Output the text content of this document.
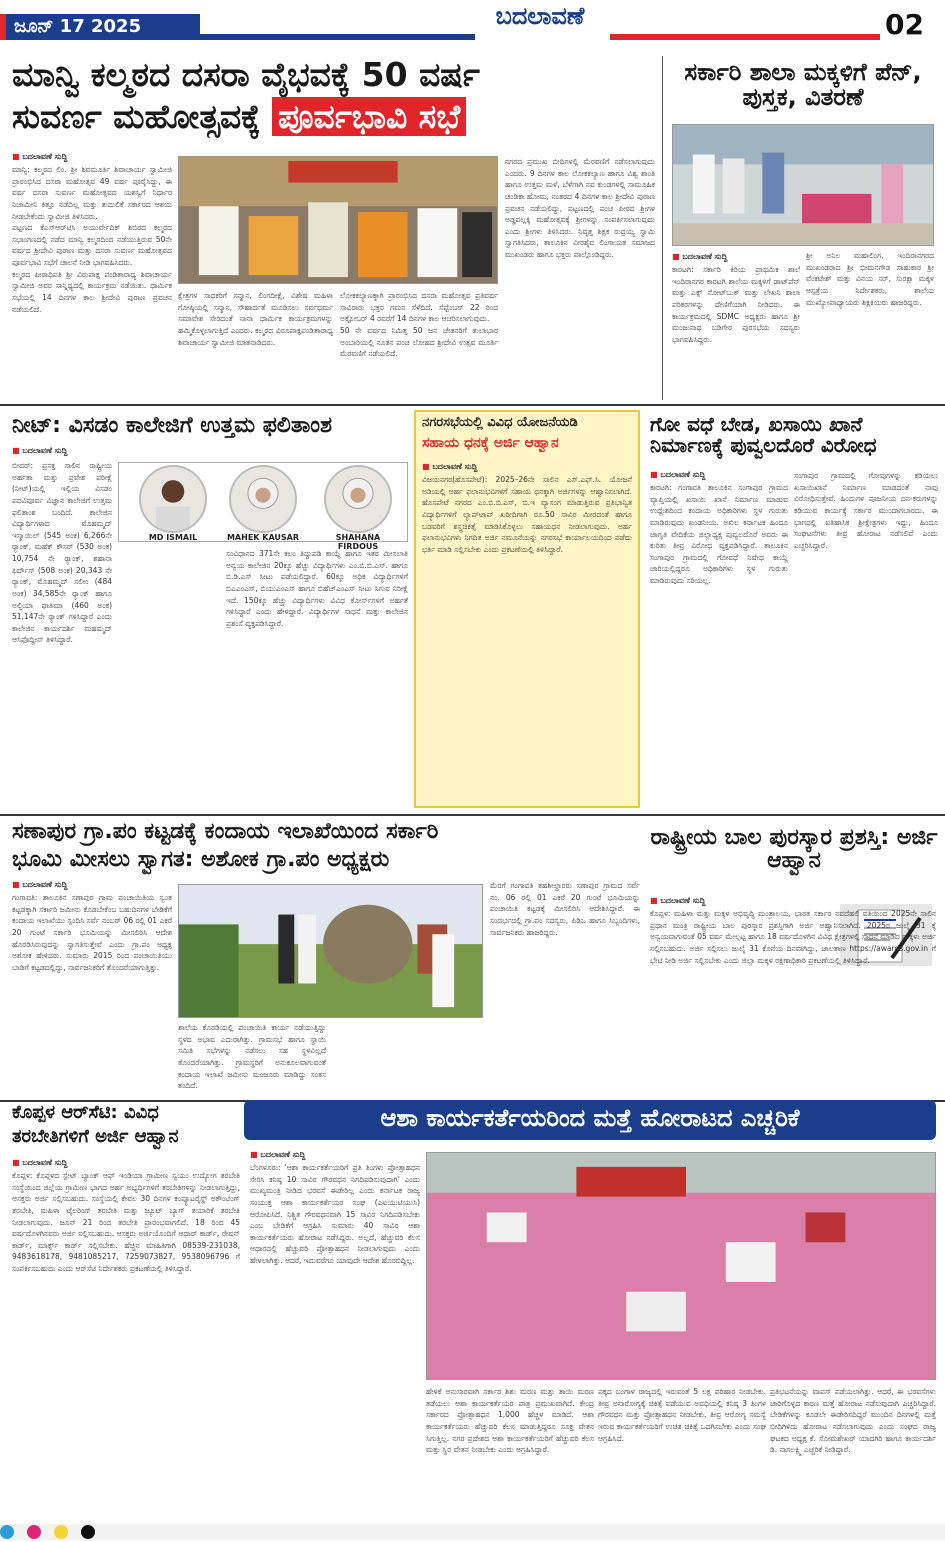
ಜೂನ್ 17 2025	ಬದಲಾವಣೆ	02
ಮಾನ್ವಿ ಕಲ್ಮಠದ ದಸರಾ ವೈಭವಕ್ಕೆ 50 ವರ್ಷ
ಸುವರ್ಣ ಮಹೋತ್ಸವಕ್ಕೆ ಪೂರ್ವಭಾವಿ ಸಭೆ
■ ಬದಲಾವಣೆ ಸುದ್ದಿ

ಮಾನ್ವಿ: ಕಲ್ಮಠದ ಲಿಂ. ಶ್ರೀ ಶಿವಮೂರ್ತಿ ಶಿವಾಚಾರ್ಯ ಸ್ವಾಮೀಜಿ ಪ್ರಾರಂಭಿಸಿದ ದಸರಾ ಮಹೋತ್ಸವ 49 ವರ್ಷ ಪೂರೈಸಿದ್ದು, ಈ ವರ್ಷ ದಸರಾ ಸುವರ್ಣ ಮಹೋತ್ಸವದ ಯಶಸ್ವಿಗೆ ನಿರ್ಧಾರ ನಿಜಾಮೀನಿ ಕಿತ್ತೂ ನಡೆದಿಲ್ಲ ಮತ್ತು ತುದುಲಿಕೆ ಸರ್ಕಾರದ ಆಶಯ ನೀಡಬೇಕೆಂದು ಸ್ವಾಮೀಜಿ ತಿಳಿಸಿದರು.

ಪಟ್ಟಣದ ಕೆಎಸ್‌ಆರ್‌ಟಿಸಿ ಅಯುರ್ವೇದಿಕ್ ಶಿಬಿರದ ಕಲ್ಮಠದ ಸಭಾಂಗಣದಲ್ಲಿ ನಡೆದ ಮಾನ್ವಿ ಕಲ್ಮಠದಿಂದ ನಡೆಯುತ್ತಿರುವ 50ನೇ ವರ್ಷದ ಶ್ರೀದೇವಿ ಪುರಾಣ ಮತ್ತು ದಸರಾ ಸುವರ್ಣ ಮಹೋತ್ಸವದ ಪೂರ್ವಭಾವಿ ಸಭೆಗೆ ಚಾಲನೆ ನೀಡಿ ಭಾಗವಹಿಸಿದರು.

ಕಲ್ಮಠದ ಪೀಠಾಧಿಪತಿ ಶ್ರೀ ವಿರುಪಾಕ್ಷ ಪಂಡಿತಾರಾಧ್ಯ ಶಿವಾಚಾರ್ಯ ಸ್ವಾಮೀಜಿ ಅವರ ಸಾನ್ನಿಧ್ಯದಲ್ಲಿ ಕಾರ್ಯಕ್ರಮ ನಡೆಯಿತು. ಧಾರ್ಮಿಕ ಸಭೆಯಲ್ಲಿ 14 ದಿನಗಳ ಕಾಲ ಶ್ರೀದೇವಿ ಪುರಾಣ ಪ್ರವಚನ ನಡೆಯಲಿದೆ.

ಕ್ಷೇತ್ರಗಳ ಸಾಧಕರಿಗೆ ಸನ್ಮಾನ, ಲಿಂಗದೀಕ್ಷೆ, ವಿಶೇಷ ಮಹಿಳಾ ಗೋಷ್ಠಿಯಲ್ಲಿ ಸನ್ಮಾನ, ಸೌಹಾರ್ದತೆ ಮೂಡಿಸಲು ಸರ್ವಧರ್ಮ ಸಮಾವೇಶ ಸೇರಿದಂತೆ ನಾನಾ ಧಾರ್ಮಿಕ ಕಾರ್ಯಕ್ರಮಗಳನ್ನು ಹಮ್ಮಿಕೊಳ್ಳಲಾಗುತ್ತಿದೆ ಎಂದರು. ಕಲ್ಮಠದ ವಿರೂಪಾಕ್ಷಪಂಡಿತಾರಾಧ್ಯ ಶಿವಾಚಾರ್ಯ ಸ್ವಾಮೀಜಿ ಮಾತನಾಡಿದರು.

ಲೋಕಕಲ್ಯಾಣಕ್ಕಾಗಿ ಪ್ರಾರಂಭಿಸಿದ ದಸರಾ ಮಹೋತ್ಸವ ಪ್ರತಿವರ್ಷ ಸಾವಿರಾರು ಭಕ್ತರ ಗಮನ ಸೆಳೆದಿದೆ. ಸೆಪ್ಟೆಂಬರ್ 22 ರಿಂದ ಅಕ್ಟೋಬರ್ 4 ರವರೆಗೆ 14 ದಿನಗಳ ಕಾಲ ಆಚರಿಸಲಾಗುವುದು.

50 ನೇ ವರ್ಷದ ನಿಮಿತ್ತ 50 ಜನ ಚೇತನರಿಗೆ ತುಲಾಭಾರ ಅಂಬಾರಿಯಲ್ಲಿ ನೂತನ ಪಂಚ ಲೋಹದ ಶ್ರೀದೇವಿ ಉತ್ಸವ ಮೂರ್ತಿ ಮೆರವಣಿಗೆ ನಡೆಯಲಿದೆ.

ನಗರದ ಪ್ರಮುಖ ಬೀದಿಗಳಲ್ಲಿ ಮೆರವಣಿಗೆ ನಡೆಸಲಾಗುವುದು ಎಂದರು. 9 ದಿನಗಳ ಕಾಲ ಲೋಕಕಲ್ಯಾಣ ಹಾಗೂ ವಿಶ್ವ ಶಾಂತಿ ಹಾಗೂ ಉತ್ತಮ ಮಳೆ, ಬೆಳೆಗಾಗಿ ನವ ಕುಂಡಗಳಲ್ಲಿ ಸಾಮೂಹಿಕ ಚಂಡಿಕಾ ಹೋಮ, ನಂತರದ 4 ದಿನಗಳ ಕಾಲ ಶ್ರೀದೇವಿ ಪುರಾಣ ಪ್ರವಚನ ನಡೆಯಲಿದ್ದು, ಪಟ್ಟಣದಲ್ಲಿ ಪಂಚ ಪೀಠದ ಶ್ರೀಗಳ ಅಡ್ಡಪಲ್ಲಕ್ಕಿ ಮಹೋತ್ಸವಕ್ಕೆ ಶ್ರೀಗಳನ್ನು ಸಂಪರ್ಕಿಸಲಾಗುವುದು ಎಂದು ಶ್ರೀಗಳು ತಿಳಿಸಿದರು. ನಿವೃತ್ತ ಶಿಕ್ಷಕ ರುದ್ರಯ್ಯ ಸ್ವಾಮಿ ಸ್ವಾಗತಿಸಿದರು, ತಾಲೂಕಿನ ವೀರಶೈವ ಲಿಂಗಾಯತ ಸಮಾಜದ ಮುಖಂಡರು ಹಾಗೂ ಭಕ್ತರು ಪಾಲ್ಗೊಂಡಿದ್ದರು.
ಸರ್ಕಾರಿ ಶಾಲಾ ಮಕ್ಕಳಿಗೆ ಪೆನ್, ಪುಸ್ತಕ, ವಿತರಣೆ
■ ಬದಲಾವಣೆ ಸುದ್ದಿ
ಕಾರಟಗಿ: ಸರ್ಕಾರಿ ಕಿರಿಯ ಪ್ರಾಥಮಿಕ ಶಾಲೆ ಇಂದಿರಾನಗರ ಕಾರಟಗಿ ಶಾಲೆಯ ಮಕ್ಕಳಿಗೆ ಡಾಟ್‌ಪೆನ್ ಮತ್ತು ಎಕ್ಸ್ ನೋಟ್‌ಬುಕ್ ಮತ್ತು ಲೇಖನಿ ಶಾಲಾ ಪರಿಕರಗಳನ್ನು ದೇಣಿಗೆಯಾಗಿ ನೀಡಿದರು. ಈ ಕಾರ್ಯಕ್ರಮದಲ್ಲಿ SDMC ಅಧ್ಯಕ್ಷರು ಹಾಗೂ ಶ್ರೀ ಮಂಜುನಾಥ ಬಡಿಗೇರ ಪುರಸಭೆಯ ಸದಸ್ಯರು ಭಾಗವಹಿಸಿದ್ದರು.
ಶ್ರೀ ಅನಿಲ ಮಹಾಲಿಂಗ, ಇಂದಿರಾನಗರದ ಮುಖಂಡರಾದ ಶ್ರೀ ಭೀಮನಗೌಡ ಸಾಹುಕಾರ ಶ್ರೀ ವೆಂಕಟೇಶ್ ಮತ್ತು ವಿನಯ ಸರ್, ಸುರಕ್ಷಾ ಮಕ್ಕಳ ಆಸ್ಪತ್ರೆಯ ನಿರ್ದೇಶಕರು, ಶಾಲೆಯ ಮುಖ್ಯೋಪಾಧ್ಯಾಯರು ಶಿಕ್ಷಕಿಯರು ಹಾಜರಿದ್ದರು.
ನೀಟ್: ವಿಸಡಂ ಕಾಲೇಜಿಗೆ ಉತ್ತಮ ಫಲಿತಾಂಶ
■ ಬದಲಾವಣೆ ಸುದ್ದಿ
MD ISMAIL	MAHEK KAUSAR	SHAHANA FIRDOUS
ಬೀದರ್: ಪ್ರಸಕ್ತ ಸಾಲಿನ ರಾಷ್ಟ್ರೀಯ ಅರ್ಹತಾ ಮತ್ತು ಪ್ರವೇಶ ಪರೀಕ್ಷೆ (ನೀಟ್)ಯಲ್ಲಿ ಇಲ್ಲಿಯ ವಿಸಡಂ ಪದವಿಪೂರ್ವ ವಿಜ್ಞಾನ ಕಾಲೇಜಿಗೆ ಉತ್ತಮ ಫಲಿತಾಂಶ ಬಂದಿದೆ. ಕಾಲೇಜಿನ ವಿದ್ಯಾರ್ಥಿಗಳಾದ ಮೊಹಮ್ಮದ್ ಇಸ್ಮಾಯಿಲ್ (545 ಅಂಕ) 6,266ನೇ ರ್‍ಯಾಂಕ್, ಮಹೆಕ್ ಕೌಸರ್ (530 ಅಂಕ) 10,754 ನೇ ರ್‍ಯಾಂಕ್, ಶಹಾನಾ ಫಿರ್ದೌಸ್ (508 ಅಂಕ) 20,343 ನೇ ರ್‍ಯಾಂಕ್, ಮೊಹಮ್ಮದ್ ಸಲೀಂ (484 ಅಂಕ) 34,585ನೇ ರ್‍ಯಾಂಕ್ ಹಾಗೂ ಅಲ್ಫಿಯಾ ಫಾತಿಮಾ (460 ಅಂಕ) 51,147ನೇ ರ್‍ಯಾಂಕ್ ಗಳಿಸಿದ್ದಾರೆ ಎಂದು ಕಾಲೇಜಿನ ಕಾರ್ಯದರ್ಶಿ ಮಹಮ್ಮದ್ ಆಸಿಫೊದ್ದೀನ್ ತಿಳಿಸಿದ್ದಾರೆ.
ಸಂವಿಧಾನದ 371ನೇ ಕಲಂ ತಿದ್ದುಪಡಿ ಕಾಯ್ದೆ ಹಾಗೂ ಇತರ ಮೀಸಲಾತಿ ಅನ್ವಯ ಕಾಲೇಜಿನ 20ಕ್ಕೂ ಹೆಚ್ಚು ವಿದ್ಯಾರ್ಥಿಗಳು ಎಂ.ಬಿ.ಬಿ.ಎಸ್. ಹಾಗೂ ಬಿ.ಡಿ.ಎಸ್ ಸೀಟು ಪಡೆಯಲಿದ್ದಾರೆ. 60ಕ್ಕೂ ಅಧಿಕ ವಿದ್ಯಾರ್ಥಿಗಳಿಗೆ ಬಿಎಎಂಎಸ್, ಬಿಯುಎಂಎಸ್ ಹಾಗೂ ಬಿಹೆಚ್‌ಎಂಎಸ್ ಸೀಟು ಸಿಗುವ ನಿರೀಕ್ಷೆ ಇದೆ. 150ಕ್ಕೂ ಹೆಚ್ಚು ವಿದ್ಯಾರ್ಥಿಗಳು ವಿವಿಧ ಕೋರ್ಸ್‌ಗಳಿಗೆ ಅರ್ಹತೆ ಗಳಿಸಿದ್ದಾರೆ ಎಂದು ಹೇಳಿದ್ದಾರೆ. ವಿದ್ಯಾರ್ಥಿಗಳ ಸಾಧನೆ ಮತ್ತು ಕಾಲೇಜಿನ ಪ್ರಶಂಸೆ ವ್ಯಕ್ತಪಡಿಸಿದ್ದಾರೆ.
ನಗರಸಭೆಯಲ್ಲಿ ವಿವಿಧ ಯೋಜನೆಯಡಿ
ಸಹಾಯ ಧನಕ್ಕೆ ಅರ್ಜಿ ಆಹ್ವಾನ
■ ಬದಲಾವಣೆ ಸುದ್ದಿ
ವಿಜಯನಗರ(ಹೊಸಪೇಟೆ): 2025–26ನೇ ಸಾಲಿನ ಎಸ್.ಎಫ್.ಸಿ. ಯೋಜನೆ ಅಡಿಯಲ್ಲಿ ಅರ್ಹ ಫಲಾನುಭವಿಗಳಿಗೆ ಸಹಾಯ ಧನಕ್ಕಾಗಿ ಅರ್ಜಿಗಳನ್ನು ಆಹ್ವಾನಿಸಲಾಗಿದೆ. ಹೊಸಪೇಟೆ ನಗರದ ಎಂ.ಬಿ.ಬಿ.ಎಸ್, ಬಿ.ಇ ವ್ಯಾಸಂಗ ಮಾಡುತ್ತಿರುವ ಪ್ರತಿಭಾನ್ವಿತ ವಿದ್ಯಾರ್ಥಿಗಳಿಗೆ ಲ್ಯಾಪ್‌ಟಾಪ್ ಖರೀದಿಗಾಗಿ ರೂ.50 ಸಾವಿರ ಮೀರದಂತೆ ಹಾಗೂ ಬಡವರಿಗೆ ಶಸ್ತ್ರಚಿಕಿತ್ಸೆ ಮಾಡಿಸಿಕೊಳ್ಳಲು ಸಹಾಯಧನ ನೀಡಲಾಗುವುದು. ಅರ್ಹ ಫಲಾನುಭವಿಗಳು ನಿಗದಿತ ಅರ್ಜಿ ನಮೂನೆಯನ್ನು ನಗರಸಭೆ ಕಾರ್ಯಾಲಯದಿಂದ ಪಡೆದು ಭರ್ತಿ ಮಾಡಿ ಸಲ್ಲಿಸಬೇಕು ಎಂದು ಪ್ರಕಟಣೆಯಲ್ಲಿ ತಿಳಿಸಿದ್ದಾರೆ.
ಗೋ ವಧೆ ಬೇಡ, ಖಸಾಯಿ ಖಾನೆ ನಿರ್ಮಾಣಕ್ಕೆ ಪುವ್ವಲದೊರೆ ವಿರೋಧ
■ ಬದಲಾವಣೆ ಸುದ್ದಿ
ಕಾರಟಗಿ: ಗಂಗಾವತಿ ತಾಲೂಕಿನ ಸಂಗಾಪುರ ಗ್ರಾಮದ ವ್ಯಾಪ್ತಿಯಲ್ಲಿ ಖಸಾಯಿ ಖಾನೆ ನಿರ್ಮಾಣ ಮಾಡುವ ಉದ್ದೇಶದಿಂದ ಕಂದಾಯ ಅಧಿಕಾರಿಗಳು ಸ್ಥಳ ಗುರುತು ಮಾಡಿರುವುದು ಖಂಡನೀಯ. ಅಖಿಲ ಕರ್ನಾಟಕ ಹಿಂದೂ ಜಾಗೃತಿ ವೇದಿಕೆಯ ಜಿಲ್ಲಾಧ್ಯಕ್ಷ ಪುವ್ವಲದೊರೆ ಅವರು ಈ ಕುರಿತು ತೀವ್ರ ವಿರೋಧ ವ್ಯಕ್ತಪಡಿಸಿದ್ದಾರೆ. ತಾಲೂಕಿನ ಸಂಗಾಪುರ ಗ್ರಾಮದಲ್ಲಿ ಗೋವಧೆ ನಿಷೇಧ ಕಾಯ್ದೆ ಜಾರಿಯಲ್ಲಿದ್ದರೂ ಅಧಿಕಾರಿಗಳು ಸ್ಥಳ ಗುರುತು ಮಾಡಿರುವುದು ಸರಿಯಲ್ಲ.
ಸಂಗಾಪುರ ಗ್ರಾಮದಲ್ಲಿ ಗೋವುಗಳನ್ನು ಕಡಿಯಲು ಖಸಾಯಿಖಾನೆ ನಿರ್ಮಾಣ ಮಾಡದಂತೆ ನಾವು ವಿರೋಧಿಸುತ್ತೇವೆ. ಹಿಂದುಗಳ ಪೂಜನೀಯ ದನ-ಕರುಗಳನ್ನು ಕಡಿಯುವ ಕಾರ್ಯಕ್ಕೆ ಸರ್ಕಾರ ಮುಂದಾಗಬಾರದು. ಈ ಭಾಗದಲ್ಲಿ ಐತಿಹಾಸಿಕ ಶ್ರೀಕ್ಷೇತ್ರಗಳು ಇದ್ದು, ಹಿಂದೂ ಸಂಘಟನೆಗಳು ತೀವ್ರ ಹೋರಾಟ ನಡೆಸಲಿವೆ ಎಂದು ಎಚ್ಚರಿಸಿದ್ದಾರೆ.
ಸಣಾಪುರ ಗ್ರಾ.ಪಂ ಕಟ್ಟಡಕ್ಕೆ ಕಂದಾಯ ಇಲಾಖೆಯಿಂದ ಸರ್ಕಾರಿ
ಭೂಮಿ ಮೀಸಲು ಸ್ವಾಗತ: ಅಶೋಕ ಗ್ರಾ.ಪಂ ಅಧ್ಯಕ್ಷರು
■ ಬದಲಾವಣೆ ಸುದ್ದಿ
ಗಂಗಾವತಿ: ತಾಲೂಕಿನ ಸಣಾಪುರ ಗ್ರಾಮ ಪಂಚಾಯಿತಿಯ ಸ್ವಂತ ಕಟ್ಟಡಕ್ಕಾಗಿ ಸರ್ಕಾರಿ ಜಮೀನು ಕೊಡಬೇಕೆಂಬ ಬಹುದಿನಗಳ ಬೇಡಿಕೆಗೆ ಕಂದಾಯ ಇಲಾಖೆಯು ಸ್ಪಂದಿಸಿ ಸರ್ವೆ ನಂಬರ್ 06 ರಲ್ಲಿ 01 ಎಕರೆ 20 ಗುಂಟೆ ಸರ್ಕಾರಿ ಭೂಮಿಯನ್ನು ಮೀಸಲಿರಿಸಿ ಆದೇಶ ಹೊರಡಿಸಿರುವುದನ್ನು ಸ್ವಾಗತಿಸುತ್ತೇವೆ ಎಂದು ಗ್ರಾ.ಪಂ ಅಧ್ಯಕ್ಷ ಅಶೋಕ ಹೇಳಿದರು. ಸುಮಾರು 2015 ರಿಂದ ಪಂಚಾಯಿತಿಯು ಬಾಡಿಗೆ ಕಟ್ಟಡದಲ್ಲಿದ್ದು, ಸಾರ್ವಜನಿಕರಿಗೆ ತೊಂದರೆಯಾಗುತ್ತಿತ್ತು.
ಶಾಲೆಯ ಕೊಠಡಿಯಲ್ಲಿ ಪಂಚಾಯಿತಿ ಕಾರ್ಯ ನಡೆಯುತ್ತಿದ್ದು ಸ್ಥಳದ ಅಭಾವ ಎದುರಾಗಿತ್ತು. ಗ್ರಾಮಸಭೆ ಹಾಗೂ ಸ್ಥಾಯಿ ಸಮಿತಿ ಸಭೆಗಳನ್ನು ನಡೆಸಲು ಸಹ ಸ್ಥಳವಿಲ್ಲದೆ ತೊಂದರೆಯಾಗಿತ್ತು. ಗ್ರಾಮಸ್ಥರಿಗೆ ಅನುಕೂಲವಾಗುವಂತೆ ಕಂದಾಯ ಇಲಾಖೆ ಜಮೀನು ಮಂಜೂರು ಮಾಡಿದ್ದು ಸಂತಸ ತಂದಿದೆ.
ಮೆರಗೆ ಗಂಗಾವತಿ ತಹಶೀಲ್ದಾರರು ಸಣಾಪುರ ಗ್ರಾಮದ ಸರ್ವೆ ನಂ. 06 ರಲ್ಲಿ 01 ಎಕರೆ 20 ಗುಂಟೆ ಭೂಮಿಯನ್ನು ಪಂಚಾಯಿತಿ ಕಟ್ಟಡಕ್ಕೆ ಮೀಸಲಿರಿಸಿ ಆದೇಶಿಸಿದ್ದಾರೆ. ಈ ಸಂದರ್ಭದಲ್ಲಿ ಗ್ರಾ.ಪಂ ಸದಸ್ಯರು, ಪಿಡಿಒ ಹಾಗೂ ಸಿಬ್ಬಂದಿಗಳು, ಸಾರ್ವಜನಿಕರು ಹಾಜರಿದ್ದರು.
ರಾಷ್ಟ್ರೀಯ ಬಾಲ ಪುರಸ್ಕಾರ ಪ್ರಶಸ್ತಿ: ಅರ್ಜಿ ಆಹ್ವಾನ
■ ಬದಲಾವಣೆ ಸುದ್ದಿ
ಕೊಪ್ಪಳ: ಮಹಿಳಾ ಮತ್ತು ಮಕ್ಕಳ ಅಭಿವೃದ್ಧಿ ಮಂತ್ರಾಲಯ, ಭಾರತ ಸರ್ಕಾರ ನವದೆಹಲಿ ವತಿಯಿಂದ 2025ನೇ ಸಾಲಿನ ಪ್ರಧಾನ ಮಂತ್ರಿ ರಾಷ್ಟ್ರೀಯ ಬಾಲ ಪುರಸ್ಕಾರ ಪ್ರಶಸ್ತಿಗಾಗಿ ಅರ್ಜಿ ಆಹ್ವಾನಿಸಲಾಗಿದೆ. 2025ರ ಜುಲೈ 31 ಕ್ಕೆ ಅನ್ವಯವಾಗುವಂತೆ 05 ವರ್ಷ ಮೇಲ್ಪಟ್ಟ ಹಾಗೂ 18 ವರ್ಷದೊಳಗಿನ ವಿವಿಧ ಕ್ಷೇತ್ರಗಳಲ್ಲಿ ಸಾಧನೆ ಮಾಡಿದ ಮಕ್ಕಳು ಅರ್ಜಿ ಸಲ್ಲಿಸಬಹುದು. ಅರ್ಜಿ ಸಲ್ಲಿಸಲು ಜುಲೈ 31 ಕೊನೆಯ ದಿನವಾಗಿದ್ದು, ಜಾಲತಾಣ https://awards.gov.in ಗೆ ಭೇಟಿ ನೀಡಿ ಅರ್ಜಿ ಸಲ್ಲಿಸಬೇಕು ಎಂದು ಜಿಲ್ಲಾ ಮಕ್ಕಳ ರಕ್ಷಣಾಧಿಕಾರಿ ಪ್ರಕಟಣೆಯಲ್ಲಿ ತಿಳಿಸಿದ್ದಾರೆ.
ಕೊಪ್ಪಳ ಆರ್‌ಸೆಟಿ: ವಿವಿಧ
ತರಬೇತಿಗಳಿಗೆ ಅರ್ಜಿ ಆಹ್ವಾನ
■ ಬದಲಾವಣೆ ಸುದ್ದಿ
ಕೊಪ್ಪಳ: ಕೊಪ್ಪಳದ ಸ್ಟೇಟ್ ಬ್ಯಾಂಕ್ ಆಫ್ ಇಂಡಿಯಾ ಗ್ರಾಮೀಣ ಸ್ವಯಂ ಉದ್ಯೋಗ ತರಬೇತಿ ಸಂಸ್ಥೆಯಿಂದ ಜಿಲ್ಲೆಯ ಗ್ರಾಮೀಣ ಭಾಗದ ಅರ್ಹ ಅಭ್ಯರ್ಥಿಗಳಿಗೆ ತರಬೇತಿಗಳನ್ನು ನೀಡಲಾಗುತ್ತಿದ್ದು, ಆಸಕ್ತರು ಅರ್ಜಿ ಸಲ್ಲಿಸಬಹುದು. ಸಂಸ್ಥೆಯಲ್ಲಿ ಕೇವಲ 30 ದಿನಗಳ ಕಂಪ್ಯೂಟರೈಸ್ಡ್ ಅಕೌಂಟಿಂಗ್ ತರಬೇತಿ, ಮಹಿಳಾ ಟೈಲರಿಂಗ್ ತರಬೇತಿ ಮತ್ತು ಜ್ಯೂಟ್ ಬ್ಯಾಗ್ ತಯಾರಿಕೆ ತರಬೇತಿ ನೀಡಲಾಗುವುದು. ಜೂನ್ 21 ರಿಂದ ತರಬೇತಿ ಪ್ರಾರಂಭವಾಗಲಿದೆ. 18 ರಿಂದ 45 ವರ್ಷದೊಳಗಿನವರು ಅರ್ಜಿ ಸಲ್ಲಿಸಬಹುದು. ಆಸಕ್ತರು ಅರ್ಜಿಯೊಂದಿಗೆ ಆಧಾರ್ ಕಾರ್ಡ್, ರೇಷನ್ ಕಾರ್ಡ್, ಮಾರ್ಕ್ಸ್ ಕಾರ್ಡ್ ಸಲ್ಲಿಸಬೇಕು. ಹೆಚ್ಚಿನ ಮಾಹಿತಿಗಾಗಿ 08539-231038, 9483618178, 9481085217, 7259073827, 9538096796 ಗೆ ಸಂಪರ್ಕಿಸಬಹುದು ಎಂದು ಆರ್‌ಸೆಟಿ ನಿರ್ದೇಶಕರು ಪ್ರಕಟಣೆಯಲ್ಲಿ ತಿಳಿಸಿದ್ದಾರೆ.
ಆಶಾ ಕಾರ್ಯಕರ್ತೆಯರಿಂದ ಮತ್ತೆ ಹೋರಾಟದ ಎಚ್ಚರಿಕೆ
■ ಬದಲಾವಣೆ ಸುದ್ದಿ
ಬೆಂಗಳೂರು: 'ಆಶಾ ಕಾರ್ಯಕರ್ತೆಯರಿಗೆ ಪ್ರತಿ ತಿಂಗಳು ಪ್ರೋತ್ಸಾಹಧನ ಸೇರಿಸಿ ಕನಿಷ್ಠ 10 ಸಾವಿರ ಗೌರವಧನ ನಿಗದಿಪಡಿಸುವುದಾಗಿ' ಎಂದು ಮುಖ್ಯಮಂತ್ರಿ ನೀಡಿದ ಭರವಸೆ ಈಡೇರಿಲ್ಲ ಎಂದು ಕರ್ನಾಟಕ ರಾಜ್ಯ ಸಂಯುಕ್ತ ಆಶಾ ಕಾರ್ಯಕರ್ತೆಯರ ಸಂಘ (ಎಐಯುಟಿಯುಸಿ) ಆರೋಪಿಸಿದೆ. ನಿಶ್ಚಿತ ಗೌರವಧನವಾಗಿ 15 ಸಾವಿರ ನಿಗದಿಪಡಿಸಬೇಕು ಎಂಬ ಬೇಡಿಕೆಗೆ ಆಗ್ರಹಿಸಿ ಸುಮಾರು 40 ಸಾವಿರ ಆಶಾ ಕಾರ್ಯಕರ್ತೆಯರು ಹೋರಾಟ ನಡೆಸಿದ್ದರು. ಅಲ್ಲದೆ, ಹೆಚ್ಚುವರಿ ಕೆಲಸ ಆಧಾರದಲ್ಲಿ ಹೆಚ್ಚುವರಿ ಪ್ರೋತ್ಸಾಹಧನ ನೀಡಲಾಗುವುದು ಎಂದು ಹೇಳಲಾಗಿತ್ತು. ಆದರೆ, ಇದುವರೆಗೂ ಯಾವುದೇ ಆದೇಶ ಹೊರಬಿದ್ದಿಲ್ಲ.
ಹೇಳಿಕೆ ಅನುಸಾರವಾಗಿ ಸರ್ಕಾರ ಶಿಶು ಮರಣ ಮತ್ತು ತಾಯಿ ಮರಣ ತಡೆಯಲು ಆಶಾ ಕಾರ್ಯಕರ್ತೆಯರ ಪಾತ್ರ ಪ್ರಮುಖವಾಗಿದೆ. ಕೇಂದ್ರ ಸರ್ಕಾರದ ಪ್ರೋತ್ಸಾಹಧನ 1,000 ಹೆಚ್ಚಳ ಮಾಡಿದೆ. ಆಶಾ ಕಾರ್ಯಕರ್ತೆಯರು ಹೆಚ್ಚುವರಿ ಕೆಲಸ ಮಾಡುತ್ತಿದ್ದರೂ ಸೂಕ್ತ ವೇತನ ಸಿಗುತ್ತಿಲ್ಲ. ನಗರ ಪ್ರದೇಶದ ಆಶಾ ಕಾರ್ಯಕರ್ತೆಯರಿಗೆ ಹೆಚ್ಚುವರಿ ಕೆಲಸ ಮತ್ತು ಸ್ಥಿರ ವೇತನ ನೀಡಬೇಕು ಎಂದು ಆಗ್ರಹಿಸಿದ್ದಾರೆ.
ಪಕ್ಕದ ಬಂಗಾಳ ರಾಜ್ಯದಲ್ಲಿ ಇರುವಂತೆ 5 ಲಕ್ಷ ಪರಿಹಾರ ನೀಡಬೇಕು. ತೀವ್ರ ಅನಾರೋಗ್ಯಕ್ಕೆ ಚಿಕಿತ್ಸೆ ಪಡೆಯುವ ಅವಧಿಯಲ್ಲಿ ಕನಿಷ್ಠ 3 ತಿಂಗಳ ಗೌರವಧನ ಮತ್ತು ಪ್ರೋತ್ಸಾಹಧನ ನೀಡಬೇಕು. ತೀವ್ರ ಆರೋಗ್ಯ ಸಮಸ್ಯೆ ಇರುವ ಕಾರ್ಯಕರ್ತೆಯರಿಗೆ ಉಚಿತ ಚಿಕಿತ್ಸೆ ಒದಗಿಸಬೇಕು ಎಂದು ಸಂಘ ಆಗ್ರಹಿಸಿದೆ.
ಪ್ರತಿಭಟನೆಯನ್ನು ವಾಪಸ್ ಪಡೆಯಲಾಗಿತ್ತು. ಆದರೆ, ಈ ಭರವಸೆಗಳು ಜಾರಿಗೊಳ್ಳದ ಕಾರಣ ಮತ್ತೆ ಹೋರಾಟ ನಡೆಸುವುದಾಗಿ ಎಚ್ಚರಿಸಿದ್ದಾರೆ. ಬೇಡಿಕೆಗಳನ್ನು ಕೂಡಲೇ ಈಡೇರಿಸದಿದ್ದರೆ ಮುಂದಿನ ದಿನಗಳಲ್ಲಿ ಮತ್ತೆ ಬೀದಿಗಿಳಿದು ಹೋರಾಟ ನಡೆಸಲಾಗುವುದು ಎಂದು ಸಂಘದ ರಾಜ್ಯ ಘಟಕದ ಅಧ್ಯಕ್ಷ ಕೆ. ಸೋಮಶೇಖರ್ ಯಾದಗಿರಿ ಹಾಗೂ ಕಾರ್ಯದರ್ಶಿ ಡಿ. ನಾಗಲಕ್ಷ್ಮಿ ಎಚ್ಚರಿಕೆ ನೀಡಿದ್ದಾರೆ.
